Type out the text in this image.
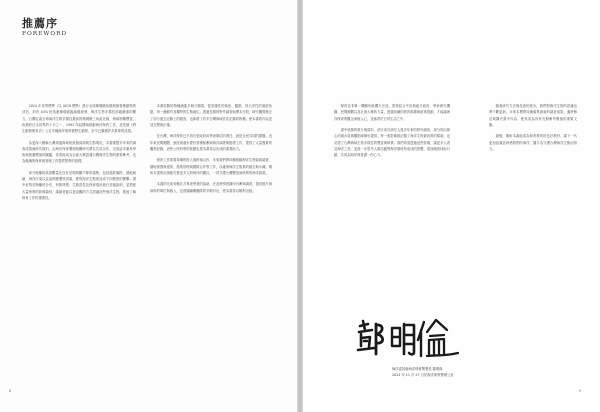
推薦序
FOREWORD

2024 年世界標準（以 IUCN 標準）進行全球珊瑚礁魚類與無脊椎動物的評估，約有 44% 的造礁珊瑚面臨滅絕威脅，海洋生物多樣性面臨嚴重的壓力。台灣位處全球海洋生物多樣性最高的珊瑚礁三角區北緣，海域物種豐富，魚類約佔全世界的十分之一，1992 年起開始推動海洋保育工作，並依據《野生動物保育法》公告多種海洋保育類野生動物，至今已累積許多重要的成果。

為更深入瞭解台灣周邊海域的魚類資源與生態現況，本書彙整多年來的調查成果與研究資料，由海洋保育署與相關研究單位共同合作，完成這本兼具學術與推廣價值的圖鑑，希望能成為社會大眾認識台灣海洋生物的重要參考，也為後續的保育與管理工作提供堅實的基礎。

部分物種的族群數量在近年呈現明顯下降的趨勢，包括過度捕撈、棲地破壞、海洋汙染以及氣候變遷等因素，都對海洋生態系造成不同程度的衝擊。書中針對各物種的分布、形態特徵、生態習性及保育現況進行詳細說明，並搭配大量珍貴的影像資料，讓讀者能以更直觀的方式認識這些海洋生物，進而了解保育工作的重要性。

本書收錄的物種涵蓋多個分類群，從底棲性的鯊魚、鰩類，到大洋性的洄游魚類，每一種都有其獨特的生態地位。透過長期的野外調查與標本比對，研究團隊修正了部分過去記錄上的錯誤，也新增了許多台灣海域首次記錄的物種，使本書的內容更加完整與正確。

在台灣，海洋保育已不再只是政府或學術單位的責任，而是全民共同的課題。近年來民間團體、漁民與潛水愛好者積極參與海洋調查與監測工作，提供了大量寶貴的觀察紀錄，這些公民科學的貢獻也是本書得以完成的重要助力。

保育工作需要持續的投入與跨域合作，未來我們將持續推動海洋生物資源調查、棲地保護與復育、漁業管理與國際合作等工作，以確保海洋生態系的健全與永續。期盼本書的出版能引發更多人對海洋的關注，一同守護台灣豐富而珍貴的海洋資源。

本書的完成有賴各方專家學者的協助，在此特別感謝所有參與調查、提供照片與資料的單位與個人，也感謝編輯團隊的辛勤付出，使本書得以順利出版。

8

保育並非單一機關所能獨力完成，需要結合中央與地方政府、學術研究機構、民間團體以及社會大眾的力量，透過持續的教育推廣與政策推動，才能讓海洋保育的觀念深植人心，並落實於日常生活之中。

書中收錄的照片與資料，部分來自研究人員多年來的野外調查，部分則由熱心的潛水員與攝影師無私提供。每一張影像都記錄了海洋生物最真實的樣貌，也見證了台灣海域生物多樣性的豐富與珍貴。我們希望透過這些影像，讓更多人看見海洋之美，並進一步思考人類活動對海洋環境所造成的影響，從而願意採取行動，共同為海洋保育盡一份心力。

隨著研究方法與技術的進步，我們對海洋生物的認識也將不斷更新。未來本署將持續蒐集最新的調查成果，適時修訂與擴充書中內容，使其成為具有長期參考價值的重要文獻。

最後，期盼本書能成為保育教育的良好教材，讓下一代更加認識並珍惜我們的海洋，攜手為守護台灣海洋生態而努力。

海洋委員會海洋保育署署長 鄭明修
2024 年 11 月 27 日於海洋保育署辦公室
9
